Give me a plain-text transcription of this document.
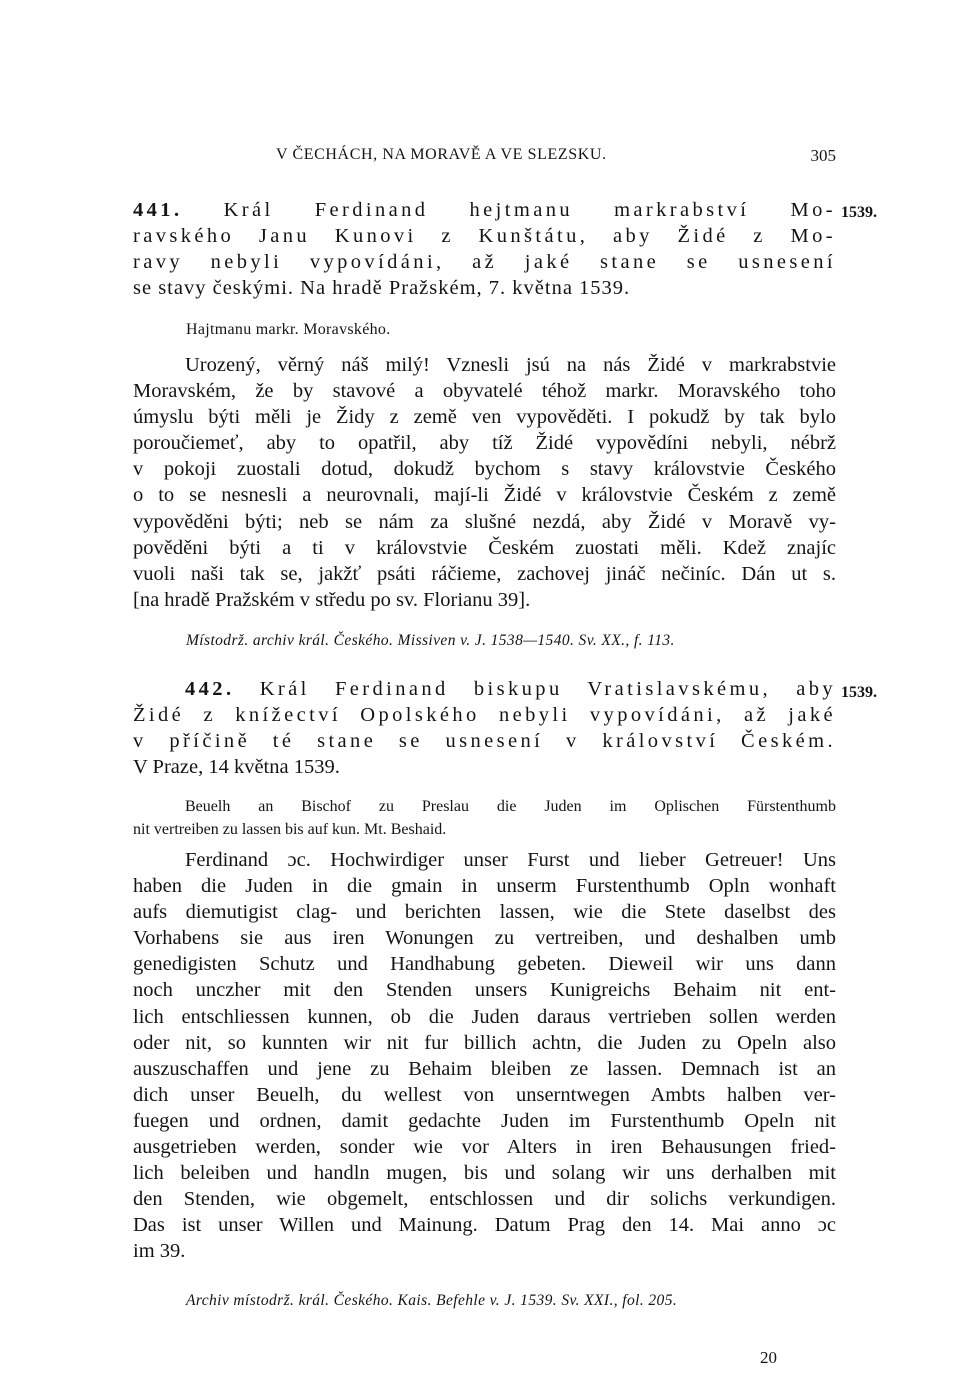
V ČECHÁCH, NA MORAVĚ A VE SLEZSKU.	305
1539.
441. Král Ferdinand hejtmanu markrabství Mo-
ravského Janu Kunovi z Kunštátu, aby Židé z Mo-
ravy nebyli vypovídáni, až jaké stane se usnesení
se stavy českými. Na hradě Pražském, 7. května 1539.
Hajtmanu markr. Moravského.
Urozený, věrný náš milý! Vznesli jsú na nás Židé v markrabstvie
Moravském, že by stavové a obyvatelé téhož markr. Moravského toho
úmyslu býti měli je Židy z země ven vypověděti. I pokudž by tak bylo
poroučiemeť, aby to opatřil, aby tíž Židé vypovědíni nebyli, nébrž
v pokoji zuostali dotud, dokudž bychom s stavy královstvie Českého
o to se nesnesli a neurovnali, mají-li Židé v královstvie Českém z země
vypověděni býti; neb se nám za slušné nezdá, aby Židé v Moravě vy-
pověděni býti a ti v královstvie Českém zuostati měli. Kdež znajíc
vuoli naši tak se, jakžť psáti ráčieme, zachovej jináč nečiníc. Dán ut s.
[na hradě Pražském v středu po sv. Florianu 39].
Místodrž. archiv král. Českého. Missiven v. J. 1538—1540. Sv. XX., f. 113.
1539.
442. Král Ferdinand biskupu Vratislavskému, aby
Židé z knížectví Opolského nebyli vypovídáni, až jaké
v příčině té stane se usnesení v království Českém.
V Praze, 14 května 1539.
Beuelh an Bischof zu Preslau die Juden im Oplischen Fürstenthumb
nit vertreiben zu lassen bis auf kun. Mt. Beshaid.
Ferdinand ɔc. Hochwirdiger unser Furst und lieber Getreuer! Uns
haben die Juden in die gmain in unserm Furstenthumb Opln wonhaft
aufs diemutigist clag- und berichten lassen, wie die Stete daselbst des
Vorhabens sie aus iren Wonungen zu vertreiben, und deshalben umb
genedigisten Schutz und Handhabung gebeten. Dieweil wir uns dann
noch unczher mit den Stenden unsers Kunigreichs Behaim nit ent-
lich entschliessen kunnen, ob die Juden daraus vertrieben sollen werden
oder nit, so kunnten wir nit fur billich achtn, die Juden zu Opeln also
auszuschaffen und jene zu Behaim bleiben ze lassen. Demnach ist an
dich unser Beuelh, du wellest von unserntwegen Ambts halben ver-
fuegen und ordnen, damit gedachte Juden im Furstenthumb Opeln nit
ausgetrieben werden, sonder wie vor Alters in iren Behausungen fried-
lich beleiben und handln mugen, bis und solang wir uns derhalben mit
den Stenden, wie obgemelt, entschlossen und dir solichs verkundigen.
Das ist unser Willen und Mainung. Datum Prag den 14. Mai anno ɔc
im 39.
Archiv místodrž. král. Českého. Kais. Befehle v. J. 1539. Sv. XXI., fol. 205.
20
